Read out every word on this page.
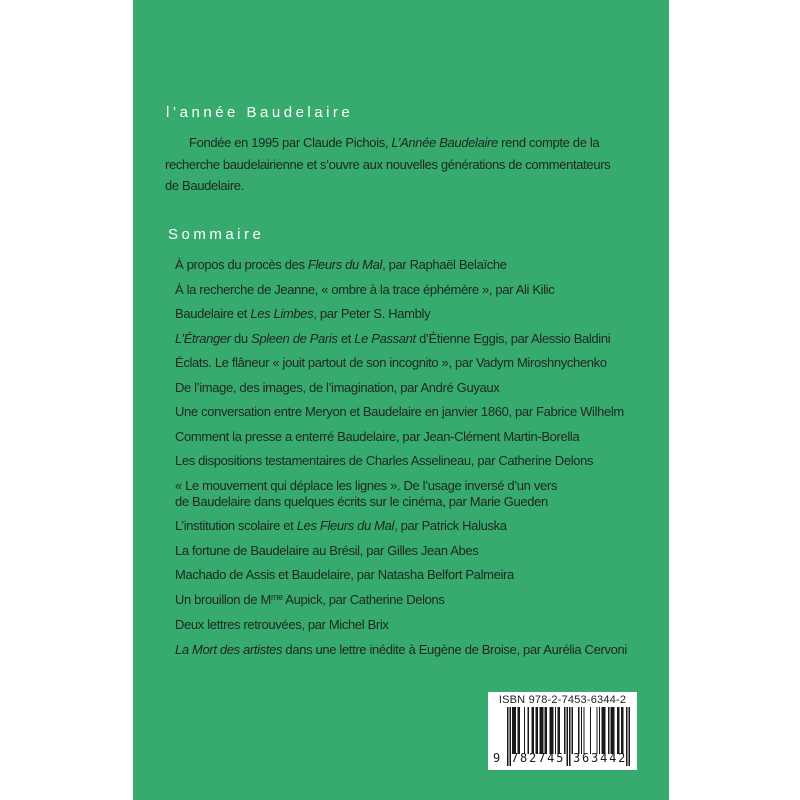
l’année Baudelaire
Fondée en 1995 par Claude Pichois, L’Année Baudelaire rend compte de la
recherche baudelairienne et s’ouvre aux nouvelles générations de commentateurs
de Baudelaire.
Sommaire
À propos du procès des Fleurs du Mal, par Raphaël Belaïche
À la recherche de Jeanne, « ombre à la trace éphémère », par Ali Kilic
Baudelaire et Les Limbes, par Peter S. Hambly
L’Étranger du Spleen de Paris et Le Passant d’Étienne Eggis, par Alessio Baldini
Éclats. Le flâneur « jouit partout de son incognito », par Vadym Miroshnychenko
De l’image, des images, de l’imagination, par André Guyaux
Une conversation entre Meryon et Baudelaire en janvier 1860, par Fabrice Wilhelm
Comment la presse a enterré Baudelaire, par Jean-Clément Martin-Borella
Les dispositions testamentaires de Charles Asselineau, par Catherine Delons
« Le mouvement qui déplace les lignes ». De l’usage inversé d’un vers
de Baudelaire dans quelques écrits sur le cinéma, par Marie Gueden
L’institution scolaire et Les Fleurs du Mal, par Patrick Haluska
La fortune de Baudelaire au Brésil, par Gilles Jean Abes
Machado de Assis et Baudelaire, par Natasha Belfort Palmeira
Un brouillon de $M^{me}$ Aupick, par Catherine Delons
Deux lettres retrouvées, par Michel Brix
La Mort des artistes dans une lettre inédite à Eugène de Broise, par Aurélia Cervoni
ISBN 978-2-7453-6344-2
9 782745 363442
